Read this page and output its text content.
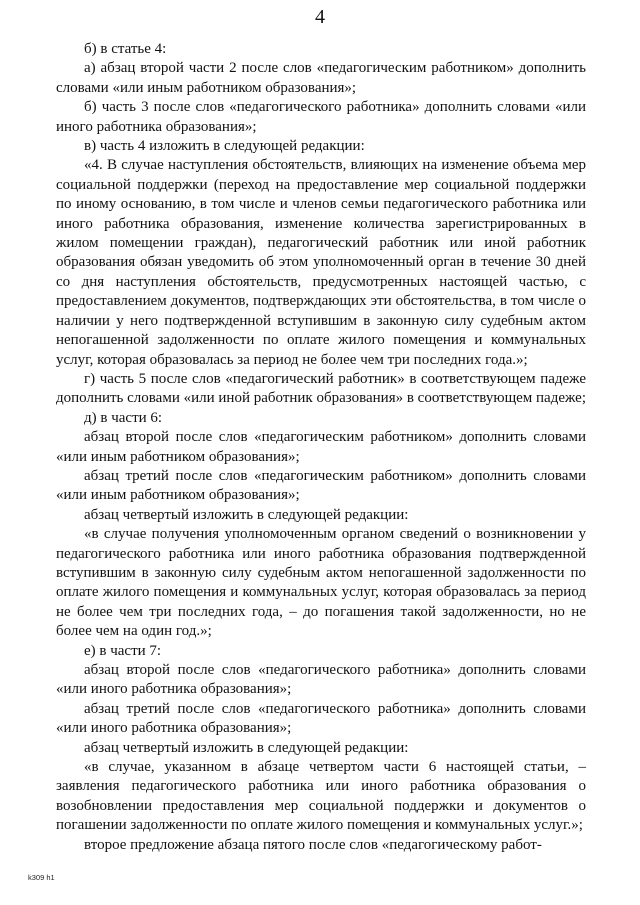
4

б) в статье 4:

а) абзац второй части 2 после слов «педагогическим работником» дополнить словами «или иным работником образования»;

б) часть 3 после слов «педагогического работника» дополнить словами «или иного работника образования»;

в) часть 4 изложить в следующей редакции:

«4. В случае наступления обстоятельств, влияющих на изменение объема мер социальной поддержки (переход на предоставление мер социальной поддержки по иному основанию, в том числе и членов семьи педагогического работника или иного работника образования, изменение количества зарегистрированных в жилом помещении граждан), педагогический работник или иной работник образования обязан уведомить об этом уполномоченный орган в течение 30 дней со дня наступления обстоятельств, предусмотренных настоящей частью, с предоставлением документов, подтверждающих эти обстоятельства, в том числе о наличии у него подтвержденной вступившим в законную силу судебным актом непогашенной задолженности по оплате жилого помещения и коммунальных услуг, которая образовалась за период не более чем три последних года.»;

г) часть 5 после слов «педагогический работник» в соответствующем падеже дополнить словами «или иной работник образования» в соответствующем падеже;

д) в части 6:

абзац второй после слов «педагогическим работником» дополнить словами «или иным работником образования»;

абзац третий после слов «педагогическим работником» дополнить словами «или иным работником образования»;

абзац четвертый изложить в следующей редакции:

«в случае получения уполномоченным органом сведений о возникновении у педагогического работника или иного работника образования подтвержденной вступившим в законную силу судебным актом непогашенной задолженности по оплате жилого помещения и коммунальных услуг, которая образовалась за период не более чем три последних года, – до погашения такой задолженности, но не более чем на один год.»;

е) в части 7:

абзац второй после слов «педагогического работника» дополнить словами «или иного работника образования»;

абзац третий после слов «педагогического работника» дополнить словами «или иного работника образования»;

абзац четвертый изложить в следующей редакции:

«в случае, указанном в абзаце четвертом части 6 настоящей статьи, – заявления педагогического работника или иного работника образования о возобновлении предоставления мер социальной поддержки и документов о погашении задолженности по оплате жилого помещения и коммунальных услуг.»;

второе предложение абзаца пятого после слов «педагогическому работ-

k309 h1
